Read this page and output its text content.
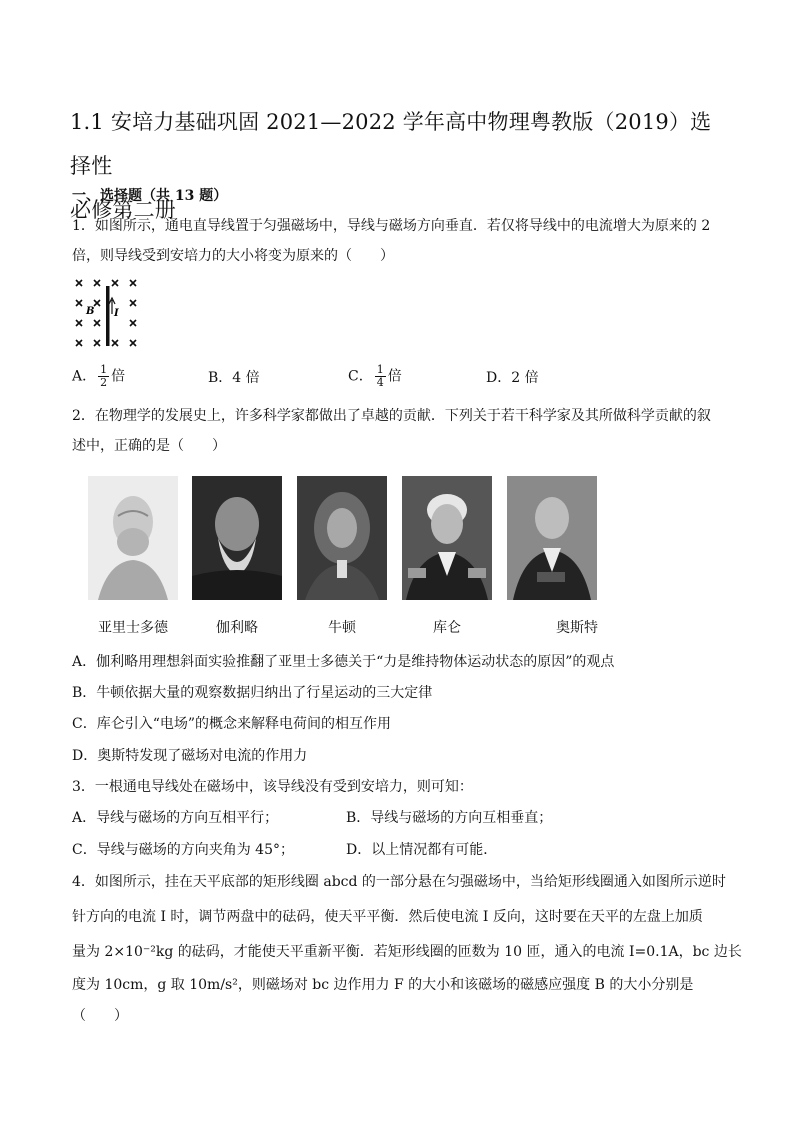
1.1 安培力基础巩固 2021—2022 学年高中物理粤教版（2019）选择性
必修第二册
一、选择题（共 13 题）
1．如图所示，通电直导线置于匀强磁场中，导线与磁场方向垂直．若仅将导线中的电流增大为原来的 2
倍，则导线受到安培力的大小将变为原来的（　　）
B I
A． $\frac{1}{2}$ 倍	B．4 倍	C． $\frac{1}{4}$ 倍	D．2 倍
2．在物理学的发展史上，许多科学家都做出了卓越的贡献．下列关于若干科学家及其所做科学贡献的叙
述中，正确的是（　　）
亚里士多德	伽利略	牛顿	库仑	奥斯特
A．伽利略用理想斜面实验推翻了亚里士多德关于“力是维持物体运动状态的原因”的观点
B．牛顿依据大量的观察数据归纳出了行星运动的三大定律
C．库仑引入“电场”的概念来解释电荷间的相互作用
D．奥斯特发现了磁场对电流的作用力
3．一根通电导线处在磁场中，该导线没有受到安培力，则可知：
A．导线与磁场的方向互相平行；	B．导线与磁场的方向互相垂直；
C．导线与磁场的方向夹角为 45°；	D．以上情况都有可能．
4．如图所示，挂在天平底部的矩形线圈 abcd 的一部分悬在匀强磁场中，当给矩形线圈通入如图所示逆时
针方向的电流 I 时，调节两盘中的砝码，使天平平衡．然后使电流 I 反向，这时要在天平的左盘上加质
量为 2×10⁻²kg 的砝码，才能使天平重新平衡．若矩形线圈的匝数为 10 匝，通入的电流 I=0.1A，bc 边长
度为 10cm，g 取 10m/s²，则磁场对 bc 边作用力 F 的大小和该磁场的磁感应强度 B 的大小分别是
（　　）
